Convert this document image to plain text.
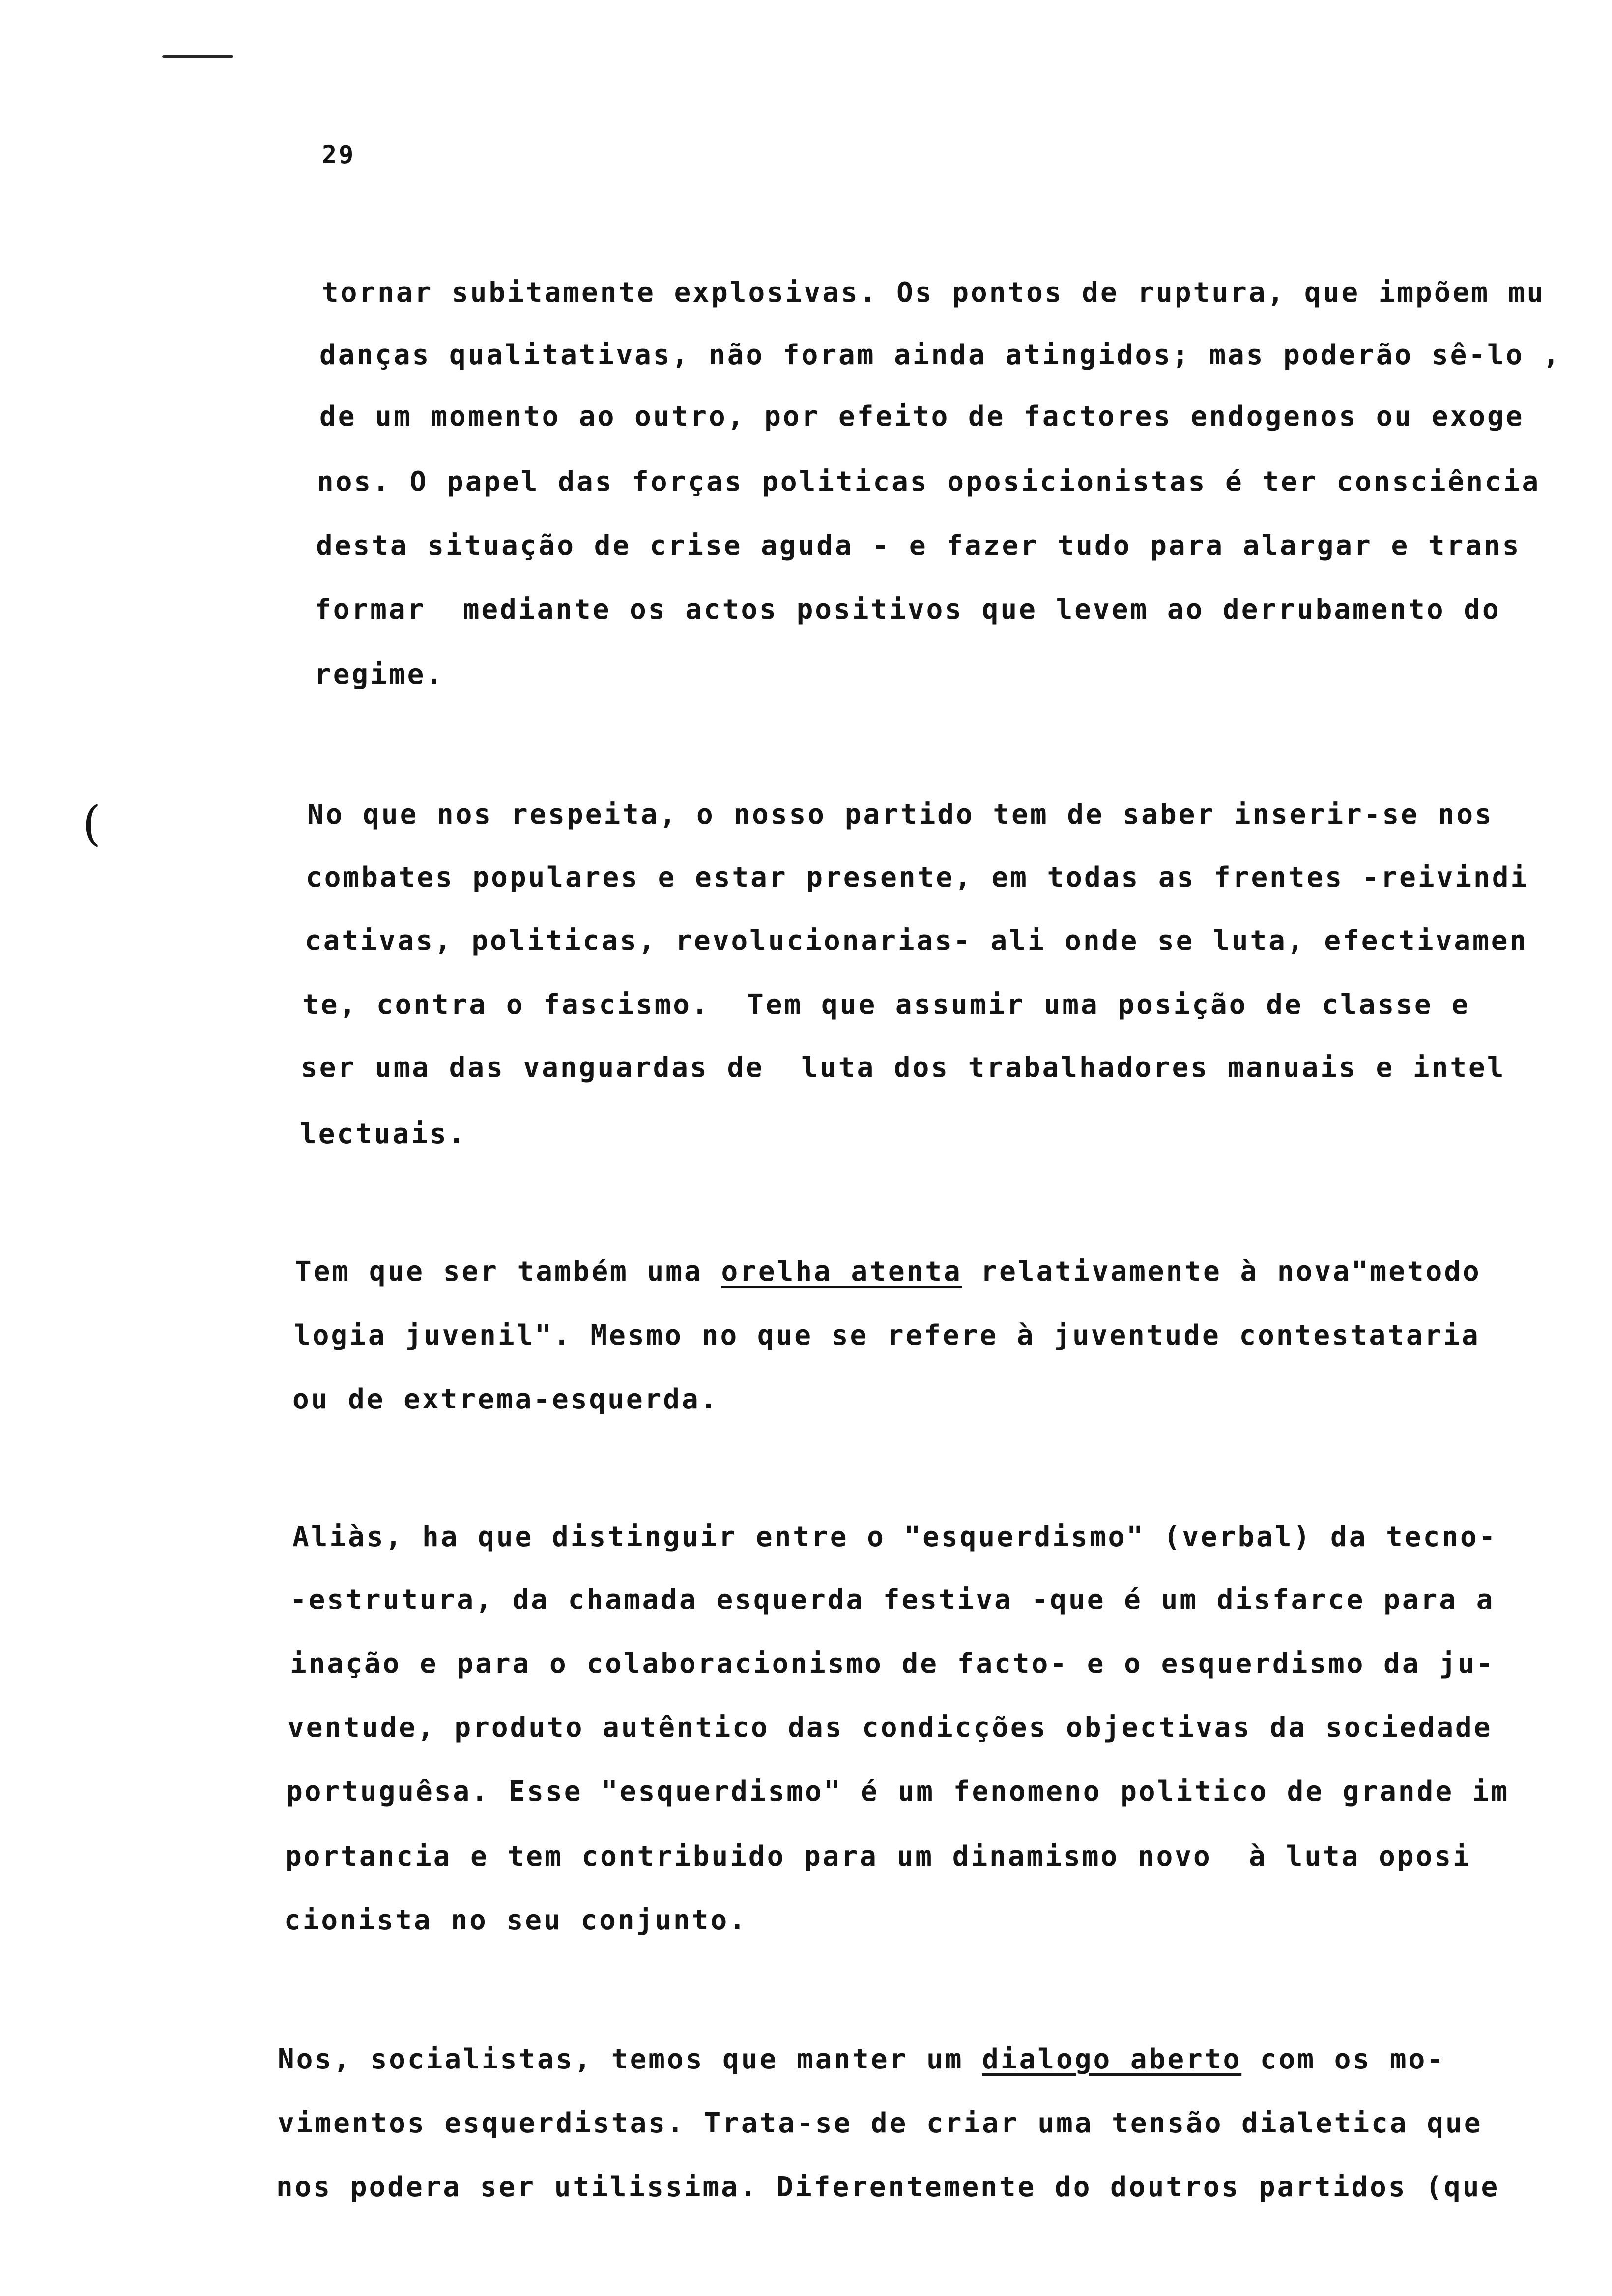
29
(
tornar subitamente explosivas. Os pontos de ruptura, que impõem mu
danças qualitativas, não foram ainda atingidos; mas poderão sê-lo ,
de um momento ao outro, por efeito de factores endogenos ou exoge
nos. O papel das forças politicas oposicionistas é ter consciência
desta situação de crise aguda - e fazer tudo para alargar e trans
formar  mediante os actos positivos que levem ao derrubamento do
regime.
No que nos respeita, o nosso partido tem de saber inserir-se nos
combates populares e estar presente, em todas as frentes -reivindi
cativas, politicas, revolucionarias- ali onde se luta, efectivamen
te, contra o fascismo.  Tem que assumir uma posição de classe e
ser uma das vanguardas de  luta dos trabalhadores manuais e intel
lectuais.
Tem que ser também uma orelha atenta relativamente à nova"metodo
logia juvenil". Mesmo no que se refere à juventude contestataria
ou de extrema-esquerda.
Aliàs, ha que distinguir entre o "esquerdismo" (verbal) da tecno-
-estrutura, da chamada esquerda festiva -que é um disfarce para a
inação e para o colaboracionismo de facto- e o esquerdismo da ju-
ventude, produto autêntico das condicções objectivas da sociedade
portuguêsa. Esse "esquerdismo" é um fenomeno politico de grande im
portancia e tem contribuido para um dinamismo novo  à luta oposi
cionista no seu conjunto.
Nos, socialistas, temos que manter um dialogo aberto com os mo-
vimentos esquerdistas. Trata-se de criar uma tensão dialetica que
nos podera ser utilissima. Diferentemente do doutros partidos (que
